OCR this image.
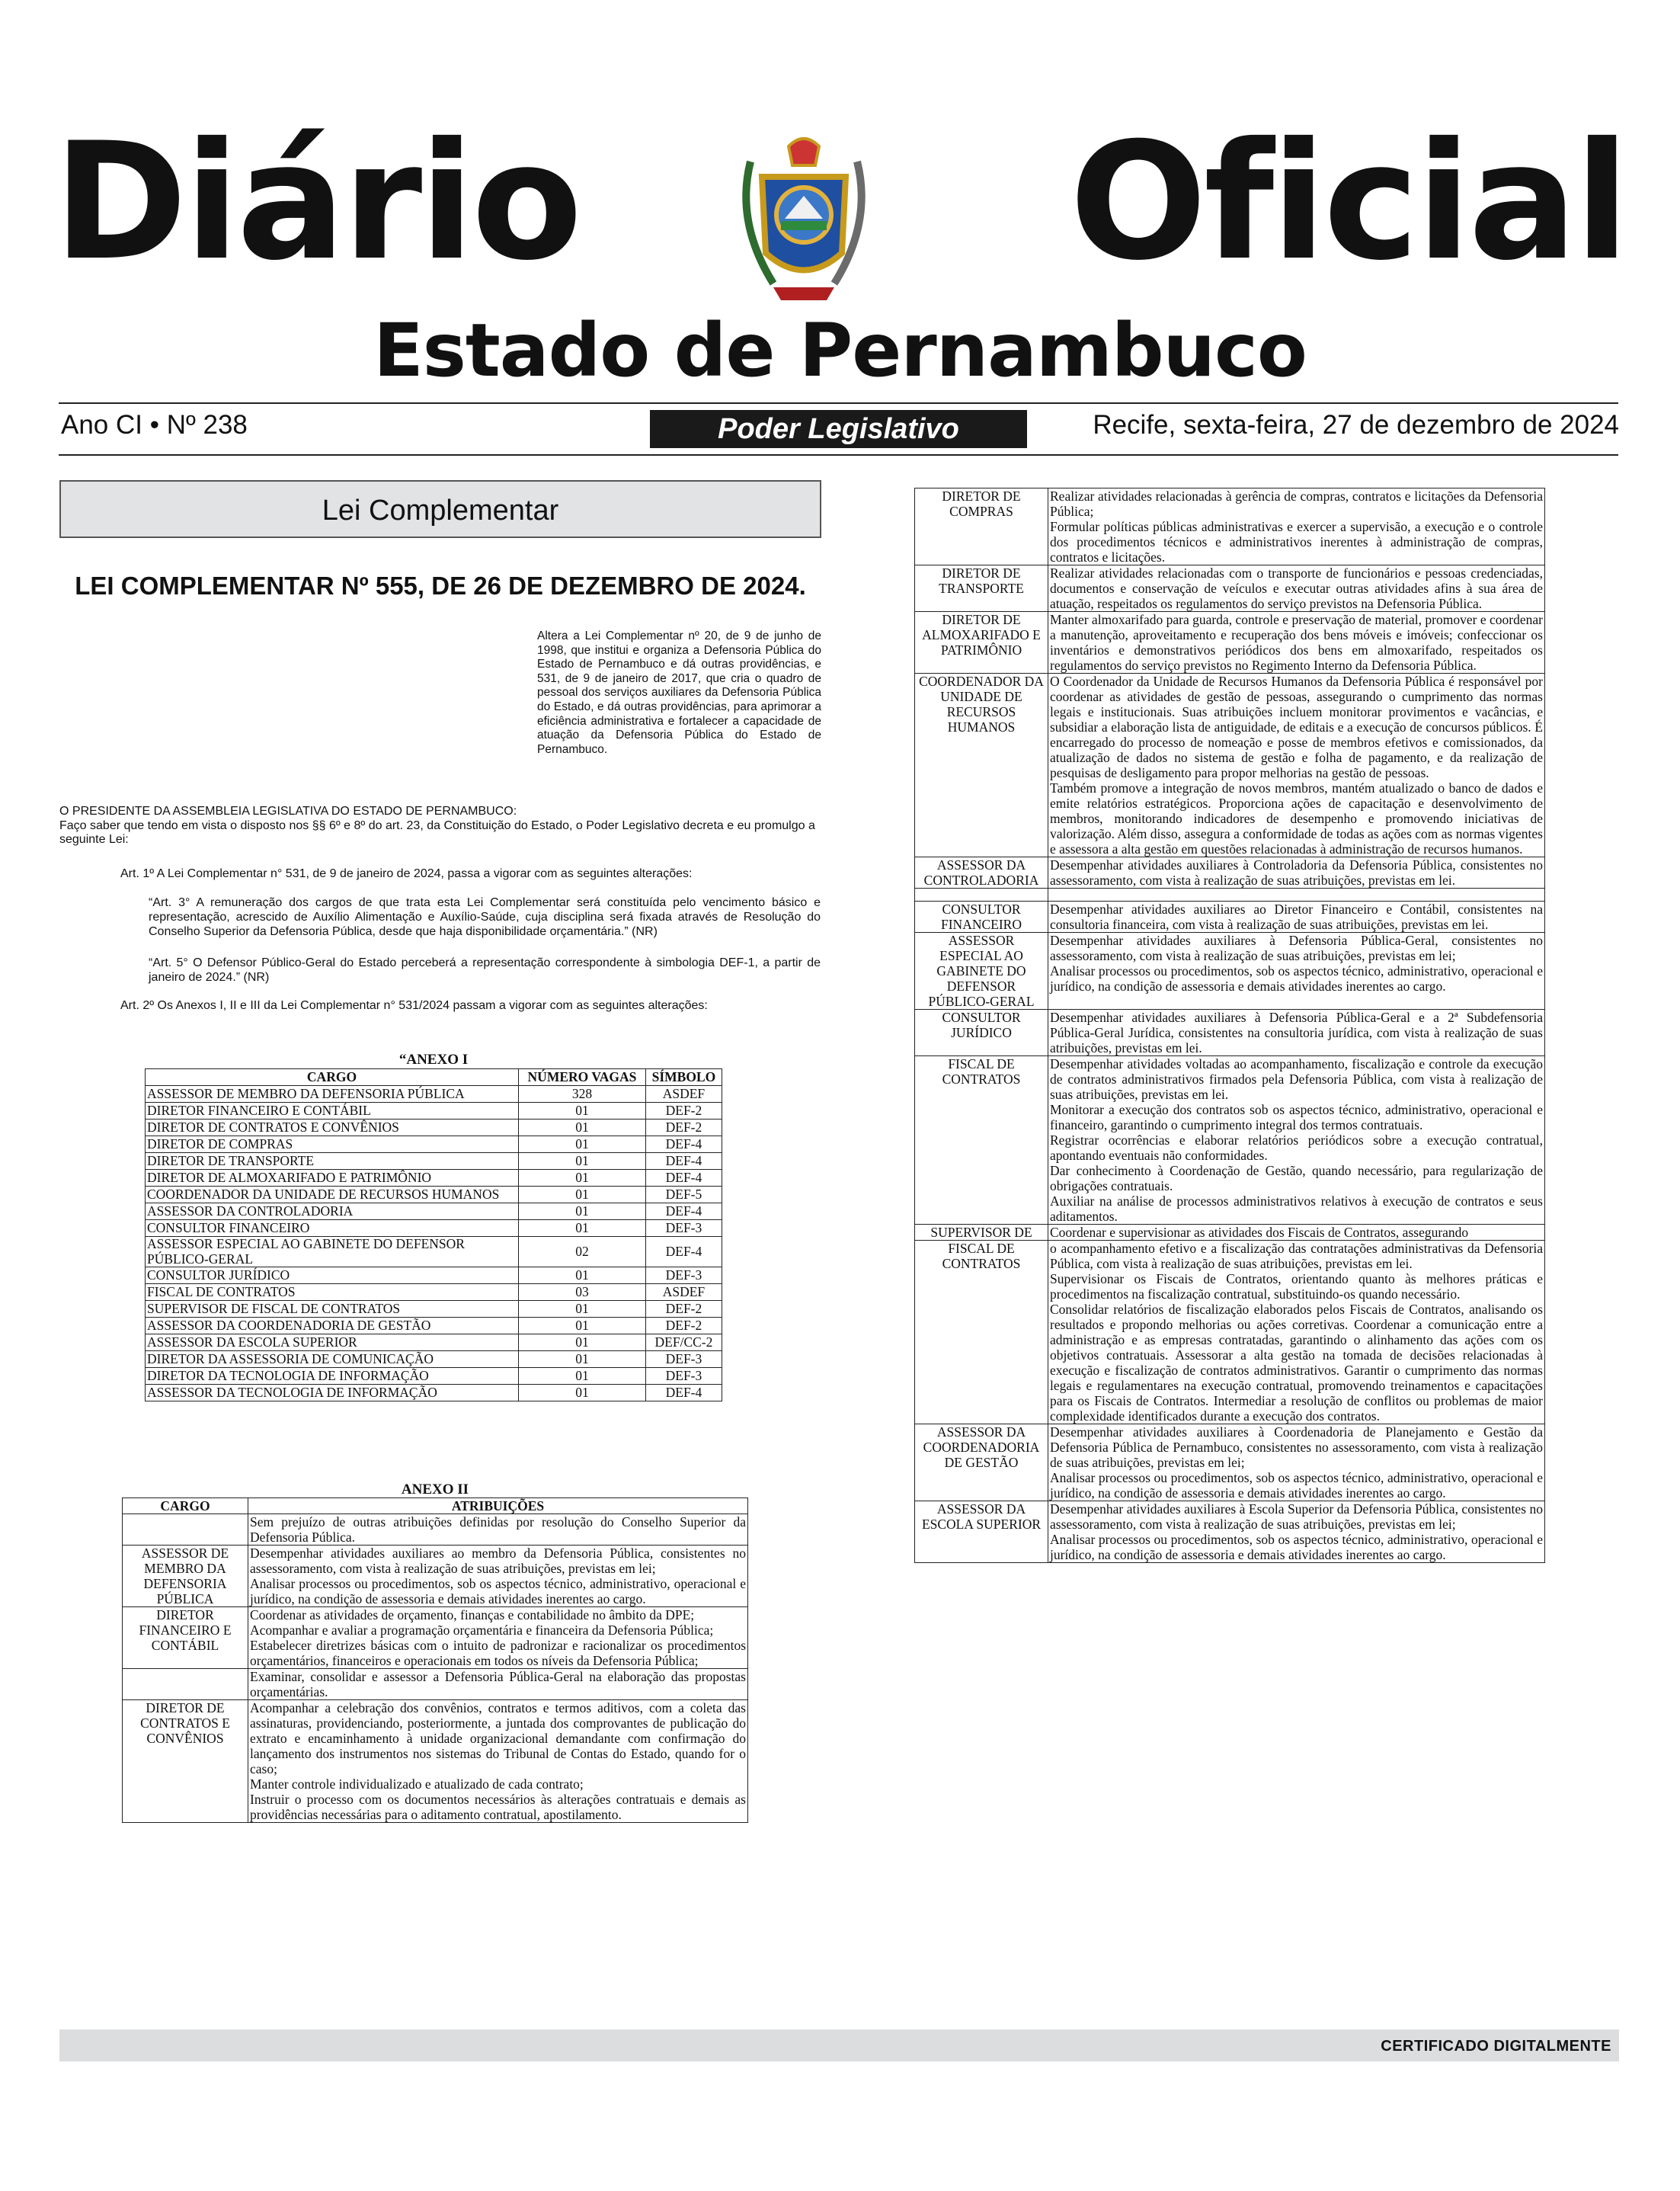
Diário	Oficial
Estado de Pernambuco
Ano CI • Nº 238	Poder Legislativo	Recife, sexta-feira, 27 de dezembro de 2024
Lei Complementar
LEI COMPLEMENTAR Nº 555, DE 26 DE DEZEMBRO DE 2024.
Altera a Lei Complementar nº 20, de 9 de junho de 1998, que institui e organiza a Defensoria Pública do Estado de Pernambuco e dá outras providências, e 531, de 9 de janeiro de 2017, que cria o quadro de pessoal dos serviços auxiliares da Defensoria Pública do Estado, e dá outras providências, para aprimorar a eficiência administrativa e fortalecer a capacidade de atuação da Defensoria Pública do Estado de Pernambuco.
O PRESIDENTE DA ASSEMBLEIA LEGISLATIVA DO ESTADO DE PERNAMBUCO:
Faço saber que tendo em vista o disposto nos §§ 6º e 8º do art. 23, da Constituição do Estado, o Poder Legislativo decreta e eu promulgo a seguinte Lei:
Art. 1º A Lei Complementar n° 531, de 9 de janeiro de 2024, passa a vigorar com as seguintes alterações:
“Art. 3° A remuneração dos cargos de que trata esta Lei Complementar será constituída pelo vencimento básico e representação, acrescido de Auxílio Alimentação e Auxílio-Saúde, cuja disciplina será fixada através de Resolução do Conselho Superior da Defensoria Pública, desde que haja disponibilidade orçamentária.” (NR)
“Art. 5° O Defensor Público-Geral do Estado perceberá a representação correspondente à simbologia DEF-1, a partir de janeiro de 2024.” (NR)
Art. 2º Os Anexos I, II e III da Lei Complementar n° 531/2024 passam a vigorar com as seguintes alterações:
“ANEXO I
CARGO	NÚMERO VAGAS	SÍMBOLO
ASSESSOR DE MEMBRO DA DEFENSORIA PÚBLICA	328	ASDEF
DIRETOR FINANCEIRO E CONTÁBIL	01	DEF-2
DIRETOR DE CONTRATOS E CONVÊNIOS	01	DEF-2
DIRETOR DE COMPRAS	01	DEF-4
DIRETOR DE TRANSPORTE	01	DEF-4
DIRETOR DE ALMOXARIFADO E PATRIMÔNIO	01	DEF-4
COORDENADOR DA UNIDADE DE RECURSOS HUMANOS	01	DEF-5
ASSESSOR DA CONTROLADORIA	01	DEF-4
CONSULTOR FINANCEIRO	01	DEF-3
ASSESSOR ESPECIAL AO GABINETE DO DEFENSOR PÚBLICO-GERAL	02	DEF-4
CONSULTOR JURÍDICO	01	DEF-3
FISCAL DE CONTRATOS	03	ASDEF
SUPERVISOR DE FISCAL DE CONTRATOS	01	DEF-2
ASSESSOR DA COORDENADORIA DE GESTÃO	01	DEF-2
ASSESSOR DA ESCOLA SUPERIOR	01	DEF/CC-2
DIRETOR DA ASSESSORIA DE COMUNICAÇÃO	01	DEF-3
DIRETOR DA TECNOLOGIA DE INFORMAÇÃO	01	DEF-3
ASSESSOR DA TECNOLOGIA DE INFORMAÇÃO	01	DEF-4
ANEXO II
CARGO	ATRIBUIÇÕES
	Sem prejuízo de outras atribuições definidas por resolução do Conselho Superior da Defensoria Pública.
ASSESSOR DE MEMBRO DA DEFENSORIA PÚBLICA	Desempenhar atividades auxiliares ao membro da Defensoria Pública, consistentes no assessoramento, com vista à realização de suas atribuições, previstas em lei;
Analisar processos ou procedimentos, sob os aspectos técnico, administrativo, operacional e jurídico, na condição de assessoria e demais atividades inerentes ao cargo.
DIRETOR FINANCEIRO E CONTÁBIL	Coordenar as atividades de orçamento, finanças e contabilidade no âmbito da DPE;
Acompanhar e avaliar a programação orçamentária e financeira da Defensoria Pública;
Estabelecer diretrizes básicas com o intuito de padronizar e racionalizar os procedimentos orçamentários, financeiros e operacionais em todos os níveis da Defensoria Pública;
	Examinar, consolidar e assessor a Defensoria Pública-Geral na elaboração das propostas orçamentárias.
DIRETOR DE CONTRATOS E CONVÊNIOS	Acompanhar a celebração dos convênios, contratos e termos aditivos, com a coleta das assinaturas, providenciando, posteriormente, a juntada dos comprovantes de publicação do extrato e encaminhamento à unidade organizacional demandante com confirmação do lançamento dos instrumentos nos sistemas do Tribunal de Contas do Estado, quando for o caso;
Manter controle individualizado e atualizado de cada contrato;
Instruir o processo com os documentos necessários às alterações contratuais e demais as providências necessárias para o aditamento contratual, apostilamento.
DIRETOR DE COMPRAS	Realizar atividades relacionadas à gerência de compras, contratos e licitações da Defensoria Pública;
Formular políticas públicas administrativas e exercer a supervisão, a execução e o controle dos procedimentos técnicos e administrativos inerentes à administração de compras, contratos e licitações.
DIRETOR DE TRANSPORTE	Realizar atividades relacionadas com o transporte de funcionários e pessoas credenciadas, documentos e conservação de veículos e executar outras atividades afins à sua área de atuação, respeitados os regulamentos do serviço previstos na Defensoria Pública.
DIRETOR DE ALMOXARIFADO E PATRIMÔNIO	Manter almoxarifado para guarda, controle e preservação de material, promover e coordenar a manutenção, aproveitamento e recuperação dos bens móveis e imóveis; confeccionar os inventários e demonstrativos periódicos dos bens em almoxarifado, respeitados os regulamentos do serviço previstos no Regimento Interno da Defensoria Pública.
COORDENADOR DA UNIDADE DE RECURSOS HUMANOS	O Coordenador da Unidade de Recursos Humanos da Defensoria Pública é responsável por coordenar as atividades de gestão de pessoas, assegurando o cumprimento das normas legais e institucionais. Suas atribuições incluem monitorar provimentos e vacâncias, e subsidiar a elaboração lista de antiguidade, de editais e a execução de concursos públicos. É encarregado do processo de nomeação e posse de membros efetivos e comissionados, da atualização de dados no sistema de gestão e folha de pagamento, e da realização de pesquisas de desligamento para propor melhorias na gestão de pessoas.
Também promove a integração de novos membros, mantém atualizado o banco de dados e emite relatórios estratégicos. Proporciona ações de capacitação e desenvolvimento de membros, monitorando indicadores de desempenho e promovendo iniciativas de valorização. Além disso, assegura a conformidade de todas as ações com as normas vigentes e assessora a alta gestão em questões relacionadas à administração de recursos humanos.
ASSESSOR DA CONTROLADORIA	Desempenhar atividades auxiliares à Controladoria da Defensoria Pública, consistentes no assessoramento, com vista à realização de suas atribuições, previstas em lei.

CONSULTOR FINANCEIRO	Desempenhar atividades auxiliares ao Diretor Financeiro e Contábil, consistentes na consultoria financeira, com vista à realização de suas atribuições, previstas em lei.
ASSESSOR ESPECIAL AO GABINETE DO DEFENSOR PÚBLICO-GERAL	Desempenhar atividades auxiliares à Defensoria Pública-Geral, consistentes no assessoramento, com vista à realização de suas atribuições, previstas em lei;
Analisar processos ou procedimentos, sob os aspectos técnico, administrativo, operacional e jurídico, na condição de assessoria e demais atividades inerentes ao cargo.
CONSULTOR JURÍDICO	Desempenhar atividades auxiliares à Defensoria Pública-Geral e a 2ª Subdefensoria Pública-Geral Jurídica, consistentes na consultoria jurídica, com vista à realização de suas atribuições, previstas em lei.
FISCAL DE CONTRATOS	Desempenhar atividades voltadas ao acompanhamento, fiscalização e controle da execução de contratos administrativos firmados pela Defensoria Pública, com vista à realização de suas atribuições, previstas em lei.
Monitorar a execução dos contratos sob os aspectos técnico, administrativo, operacional e financeiro, garantindo o cumprimento integral dos termos contratuais.
Registrar ocorrências e elaborar relatórios periódicos sobre a execução contratual, apontando eventuais não conformidades.
Dar conhecimento à Coordenação de Gestão, quando necessário, para regularização de obrigações contratuais.
Auxiliar na análise de processos administrativos relativos à execução de contratos e seus aditamentos.
SUPERVISOR DE	Coordenar e supervisionar as atividades dos Fiscais de Contratos, assegurando
FISCAL DE CONTRATOS	o acompanhamento efetivo e a fiscalização das contratações administrativas da Defensoria Pública, com vista à realização de suas atribuições, previstas em lei.
Supervisionar os Fiscais de Contratos, orientando quanto às melhores práticas e procedimentos na fiscalização contratual, substituindo-os quando necessário.
Consolidar relatórios de fiscalização elaborados pelos Fiscais de Contratos, analisando os resultados e propondo melhorias ou ações corretivas. Coordenar a comunicação entre a administração e as empresas contratadas, garantindo o alinhamento das ações com os objetivos contratuais. Assessorar a alta gestão na tomada de decisões relacionadas à execução e fiscalização de contratos administrativos. Garantir o cumprimento das normas legais e regulamentares na execução contratual, promovendo treinamentos e capacitações para os Fiscais de Contratos. Intermediar a resolução de conflitos ou problemas de maior complexidade identificados durante a execução dos contratos.
ASSESSOR DA COORDENADORIA DE GESTÃO	Desempenhar atividades auxiliares à Coordenadoria de Planejamento e Gestão da Defensoria Pública de Pernambuco, consistentes no assessoramento, com vista à realização de suas atribuições, previstas em lei;
Analisar processos ou procedimentos, sob os aspectos técnico, administrativo, operacional e jurídico, na condição de assessoria e demais atividades inerentes ao cargo.
ASSESSOR DA ESCOLA SUPERIOR	Desempenhar atividades auxiliares à Escola Superior da Defensoria Pública, consistentes no assessoramento, com vista à realização de suas atribuições, previstas em lei;
Analisar processos ou procedimentos, sob os aspectos técnico, administrativo, operacional e jurídico, na condição de assessoria e demais atividades inerentes ao cargo.
CERTIFICADO DIGITALMENTE
